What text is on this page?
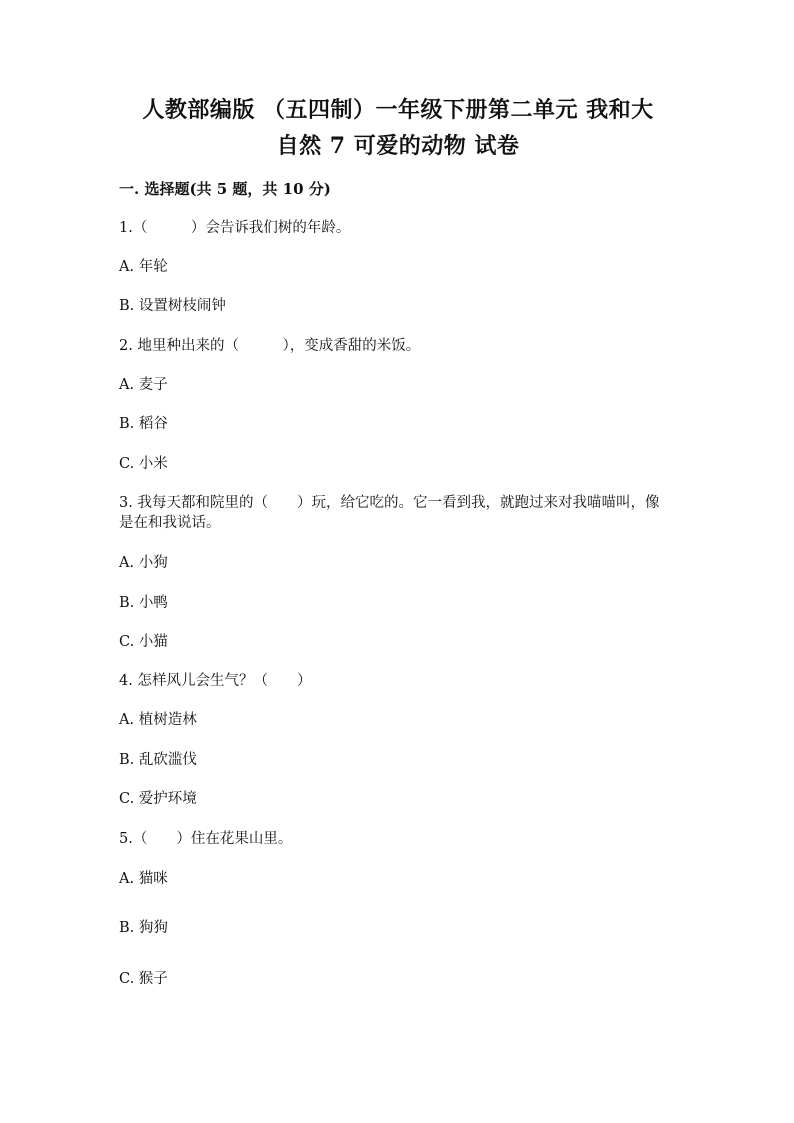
人教部编版 （五四制）一年级下册第二单元 我和大
自然 7 可爱的动物 试卷
一. 选择题(共 5 题，共 10 分)
1.（　　　）会告诉我们树的年龄。
A. 年轮
B. 设置树枝闹钟
2. 地里种出来的（　　　），变成香甜的米饭。
A. 麦子
B. 稻谷
C. 小米
3. 我每天都和院里的（　　）玩，给它吃的。它一看到我，就跑过来对我喵喵叫，像是在和我说话。
A. 小狗
B. 小鸭
C. 小猫
4. 怎样风儿会生气？（　　）
A. 植树造林
B. 乱砍滥伐
C. 爱护环境
5.（　　）住在花果山里。
A. 猫咪
B. 狗狗
C. 猴子
